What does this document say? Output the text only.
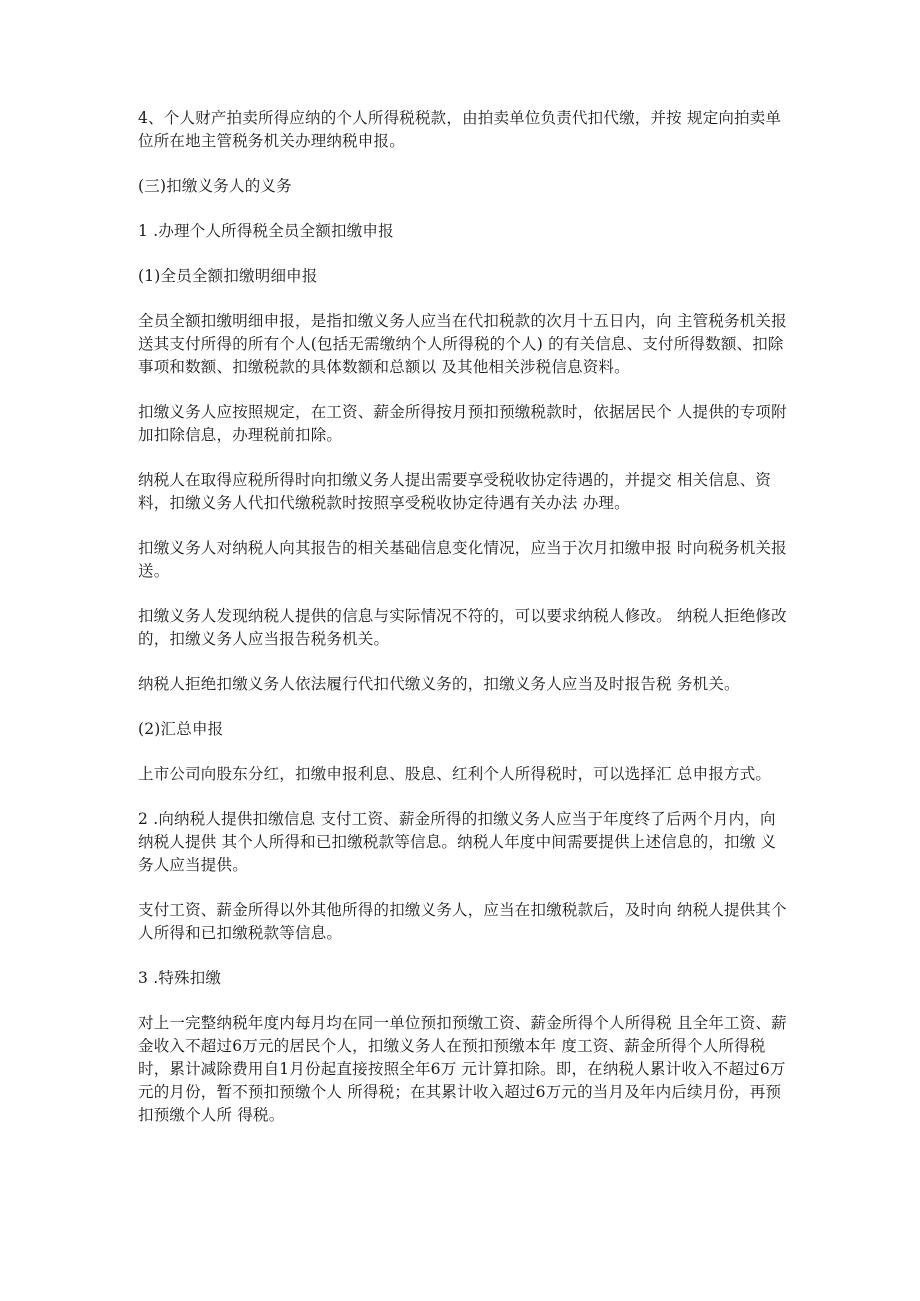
4、个人财产拍卖所得应纳的个人所得税税款，由拍卖单位负责代扣代缴，并按 规定向拍卖单位所在地主管税务机关办理纳税申报。

(三)扣缴义务人的义务

1 .办理个人所得税全员全额扣缴申报

(1)全员全额扣缴明细申报

全员全额扣缴明细申报，是指扣缴义务人应当在代扣税款的次月十五日内，向 主管税务机关报送其支付所得的所有个人(包括无需缴纳个人所得税的个人) 的有关信息、支付所得数额、扣除事项和数额、扣缴税款的具体数额和总额以 及其他相关涉税信息资料。

扣缴义务人应按照规定，在工资、薪金所得按月预扣预缴税款时，依据居民个 人提供的专项附加扣除信息，办理税前扣除。

纳税人在取得应税所得时向扣缴义务人提出需要享受税收协定待遇的，并提交 相关信息、资料，扣缴义务人代扣代缴税款时按照享受税收协定待遇有关办法 办理。

扣缴义务人对纳税人向其报告的相关基础信息变化情况，应当于次月扣缴申报 时向税务机关报送。

扣缴义务人发现纳税人提供的信息与实际情况不符的，可以要求纳税人修改。 纳税人拒绝修改的，扣缴义务人应当报告税务机关。

纳税人拒绝扣缴义务人依法履行代扣代缴义务的，扣缴义务人应当及时报告税 务机关。

(2)汇总申报

上市公司向股东分红，扣缴申报利息、股息、红利个人所得税时，可以选择汇 总申报方式。

2 .向纳税人提供扣缴信息 支付工资、薪金所得的扣缴义务人应当于年度终了后两个月内，向纳税人提供 其个人所得和已扣缴税款等信息。纳税人年度中间需要提供上述信息的，扣缴 义务人应当提供。

支付工资、薪金所得以外其他所得的扣缴义务人，应当在扣缴税款后，及时向 纳税人提供其个人所得和已扣缴税款等信息。

3 .特殊扣缴

对上一完整纳税年度内每月均在同一单位预扣预缴工资、薪金所得个人所得税 且全年工资、薪金收入不超过6万元的居民个人，扣缴义务人在预扣预缴本年 度工资、薪金所得个人所得税时，累计减除费用自1月份起直接按照全年6万 元计算扣除。即，在纳税人累计收入不超过6万元的月份，暂不预扣预缴个人 所得税；在其累计收入超过6万元的当月及年内后续月份，再预扣预缴个人所 得税。
